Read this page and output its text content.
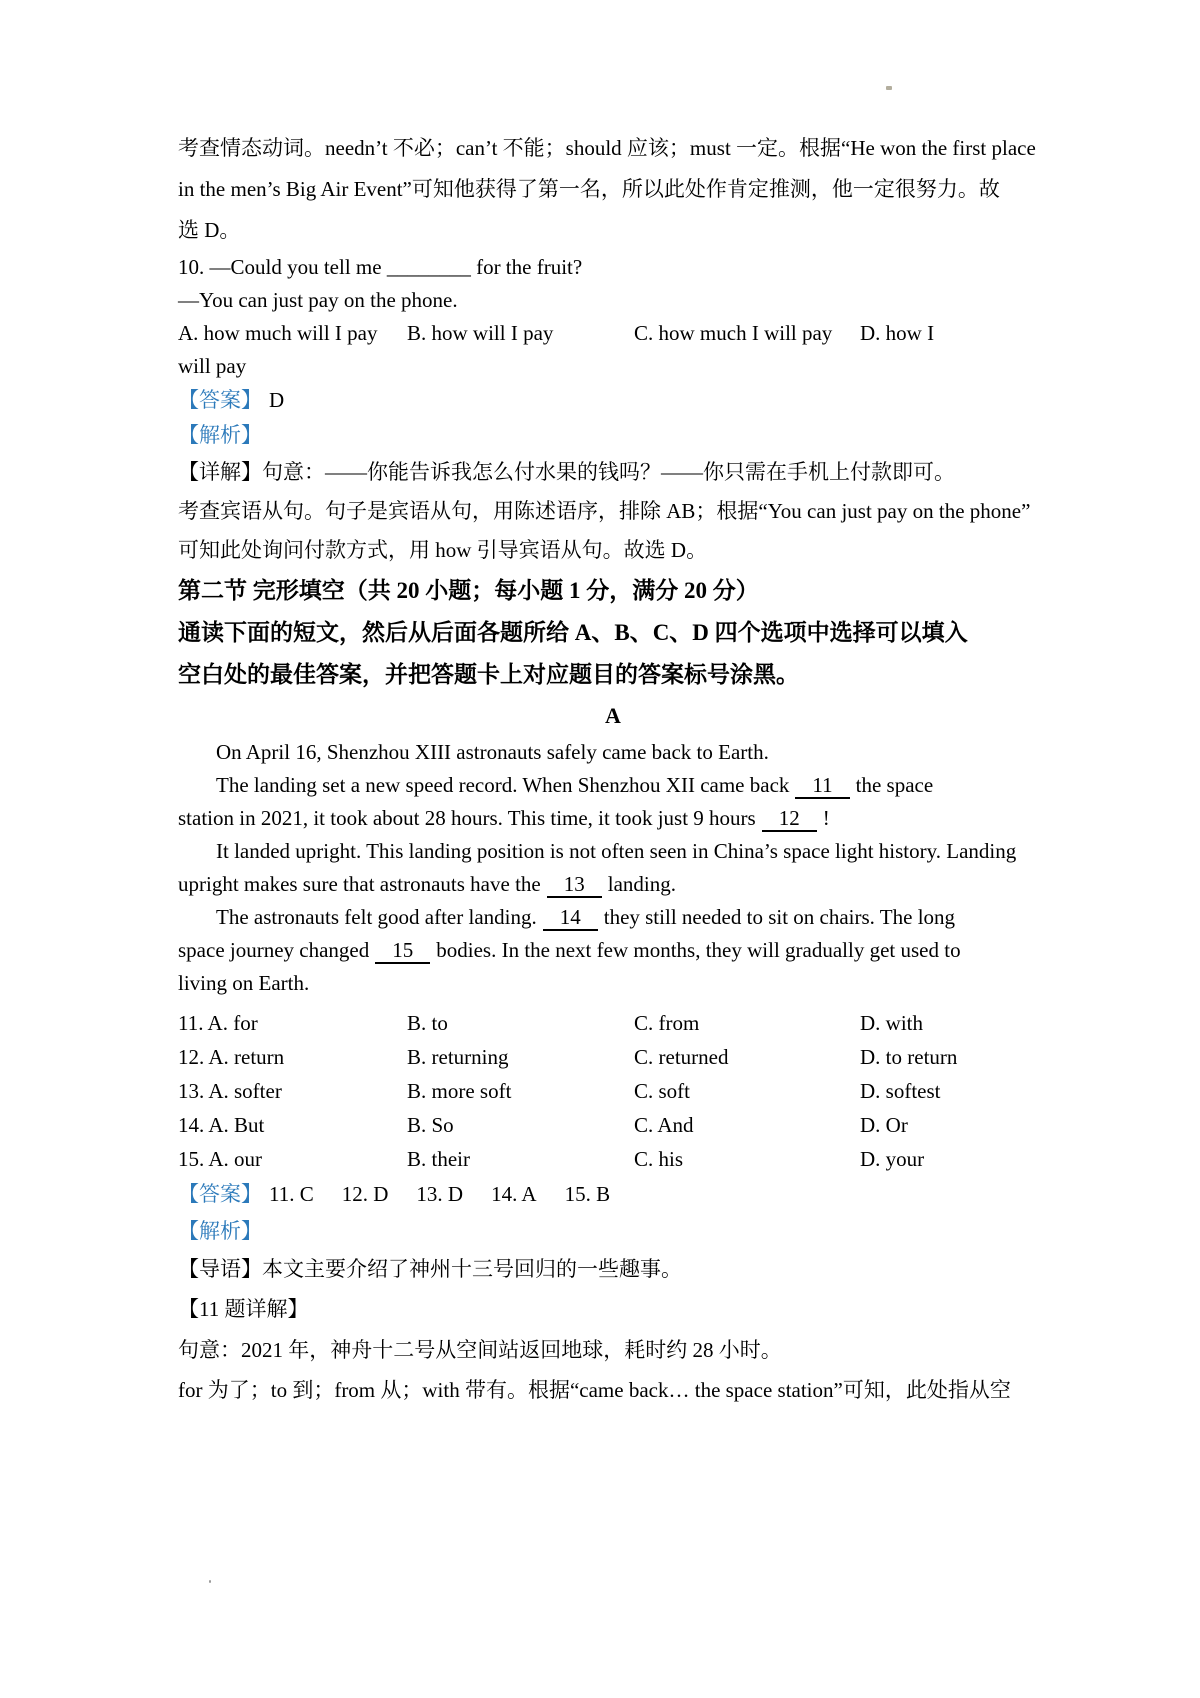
考查情态动词。needn’t 不必；can’t 不能；should 应该；must 一定。根据“He won the first place
in the men’s Big Air Event”可知他获得了第一名，所以此处作肯定推测，他一定很努力。故
选 D。
10. —Could you tell me ________ for the fruit?
—You can just pay on the phone.
A. how much will I pay	B. how will I pay	C. how much I will pay	D. how I
will pay
【答案】 D
【解析】
【详解】句意：——你能告诉我怎么付水果的钱吗？——你只需在手机上付款即可。
考查宾语从句。句子是宾语从句，用陈述语序，排除 AB；根据“You can just pay on the phone”
可知此处询问付款方式，用 how 引导宾语从句。故选 D。
第二节 完形填空（共 20 小题；每小题 1 分，满分 20 分）
通读下面的短文，然后从后面各题所给 A、B、C、D 四个选项中选择可以填入
空白处的最佳答案，并把答题卡上对应题目的答案标号涂黑。
A
On April 16, Shenzhou XIII astronauts safely came back to Earth.
The landing set a new speed record. When Shenzhou XII came back 11 the space
station in 2021, it took about 28 hours. This time, it took just 9 hours 12 !
It landed upright. This landing position is not often seen in China’s space light history. Landing
upright makes sure that astronauts have the 13 landing.
The astronauts felt good after landing. 14 they still needed to sit on chairs. The long
space journey changed 15 bodies. In the next few months, they will gradually get used to
living on Earth.
11. A. for	B. to	C. from	D. with
12. A. return	B. returning	C. returned	D. to return
13. A. softer	B. more soft	C. soft	D. softest
14. A. But	B. So	C. And	D. Or
15. A. our	B. their	C. his	D. your
【答案】 11. C 12. D 13. D 14. A 15. B
【解析】
【导语】本文主要介绍了神州十三号回归的一些趣事。
【11 题详解】
句意：2021 年，神舟十二号从空间站返回地球，耗时约 28 小时。
for 为了；to 到；from 从；with 带有。根据“came back… the space station”可知，此处指从空
